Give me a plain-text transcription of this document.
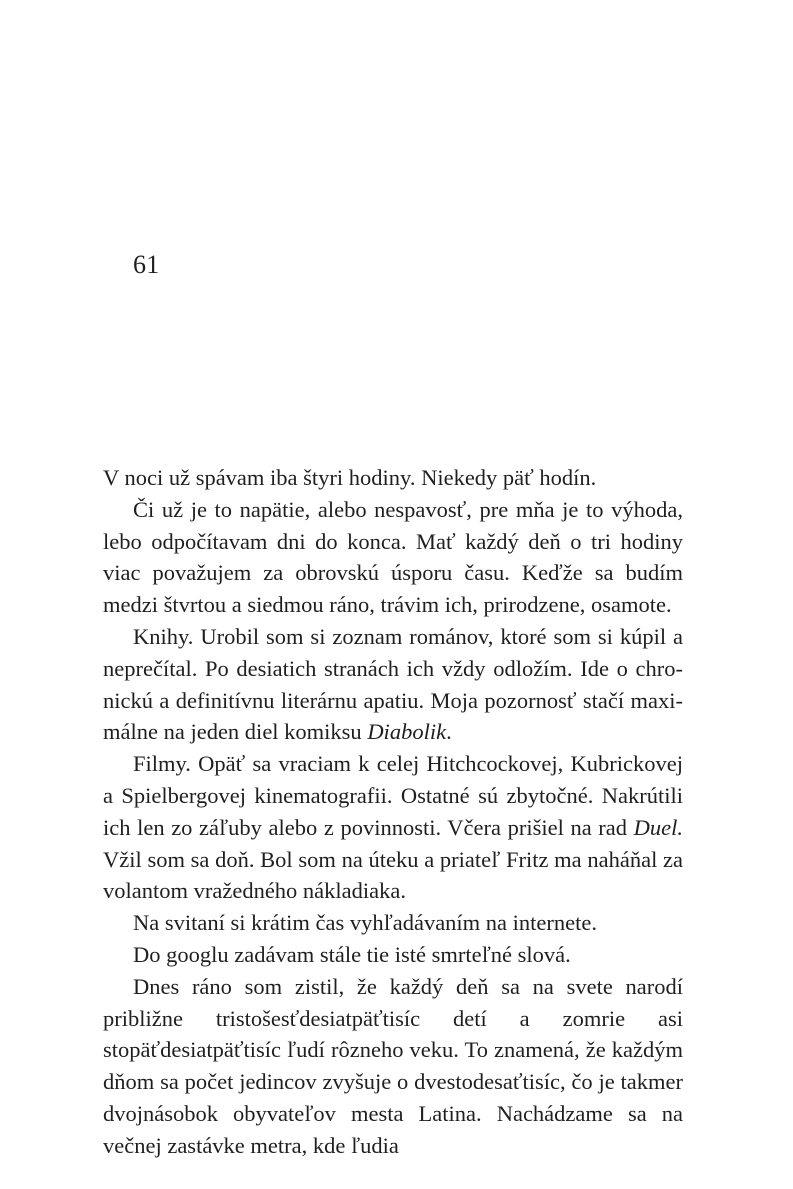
61

V noci už spávam iba štyri hodiny. Niekedy päť hodín.

Či už je to napätie, alebo nespavosť, pre mňa je to výhoda, lebo odpočítavam dni do konca. Mať každý deň o tri hodiny viac považujem za obrovskú úsporu času. Keďže sa budím medzi štvrtou a siedmou ráno, trávim ich, prirodzene, osamote.

Knihy. Urobil som si zoznam románov, ktoré som si kúpil a neprečítal. Po desiatich stranách ich vždy odložím. Ide o chronickú a definitívnu literárnu apatiu. Moja pozornosť stačí maximálne na jeden diel komiksu Diabolik.

Filmy. Opäť sa vraciam k celej Hitchcockovej, Kubrickovej a Spielbergovej kinematografii. Ostatné sú zbytočné. Nakrútili ich len zo záľuby alebo z povinnosti. Včera prišiel na rad Duel. Vžil som sa doň. Bol som na úteku a priateľ Fritz ma naháňal za volantom vražedného nákladiaka.

Na svitaní si krátim čas vyhľadávaním na internete.

Do googlu zadávam stále tie isté smrteľné slová.

Dnes ráno som zistil, že každý deň sa na svete narodí približne tristošesťdesiatpäťtisíc detí a zomrie asi stopäťdesiatpäťtisíc ľudí rôzneho veku. To znamená, že každým dňom sa počet jedincov zvyšuje o dvestodesaťtisíc, čo je takmer dvojnásobok obyvateľov mesta Latina. Nachádzame sa na večnej zastávke metra, kde ľudia
